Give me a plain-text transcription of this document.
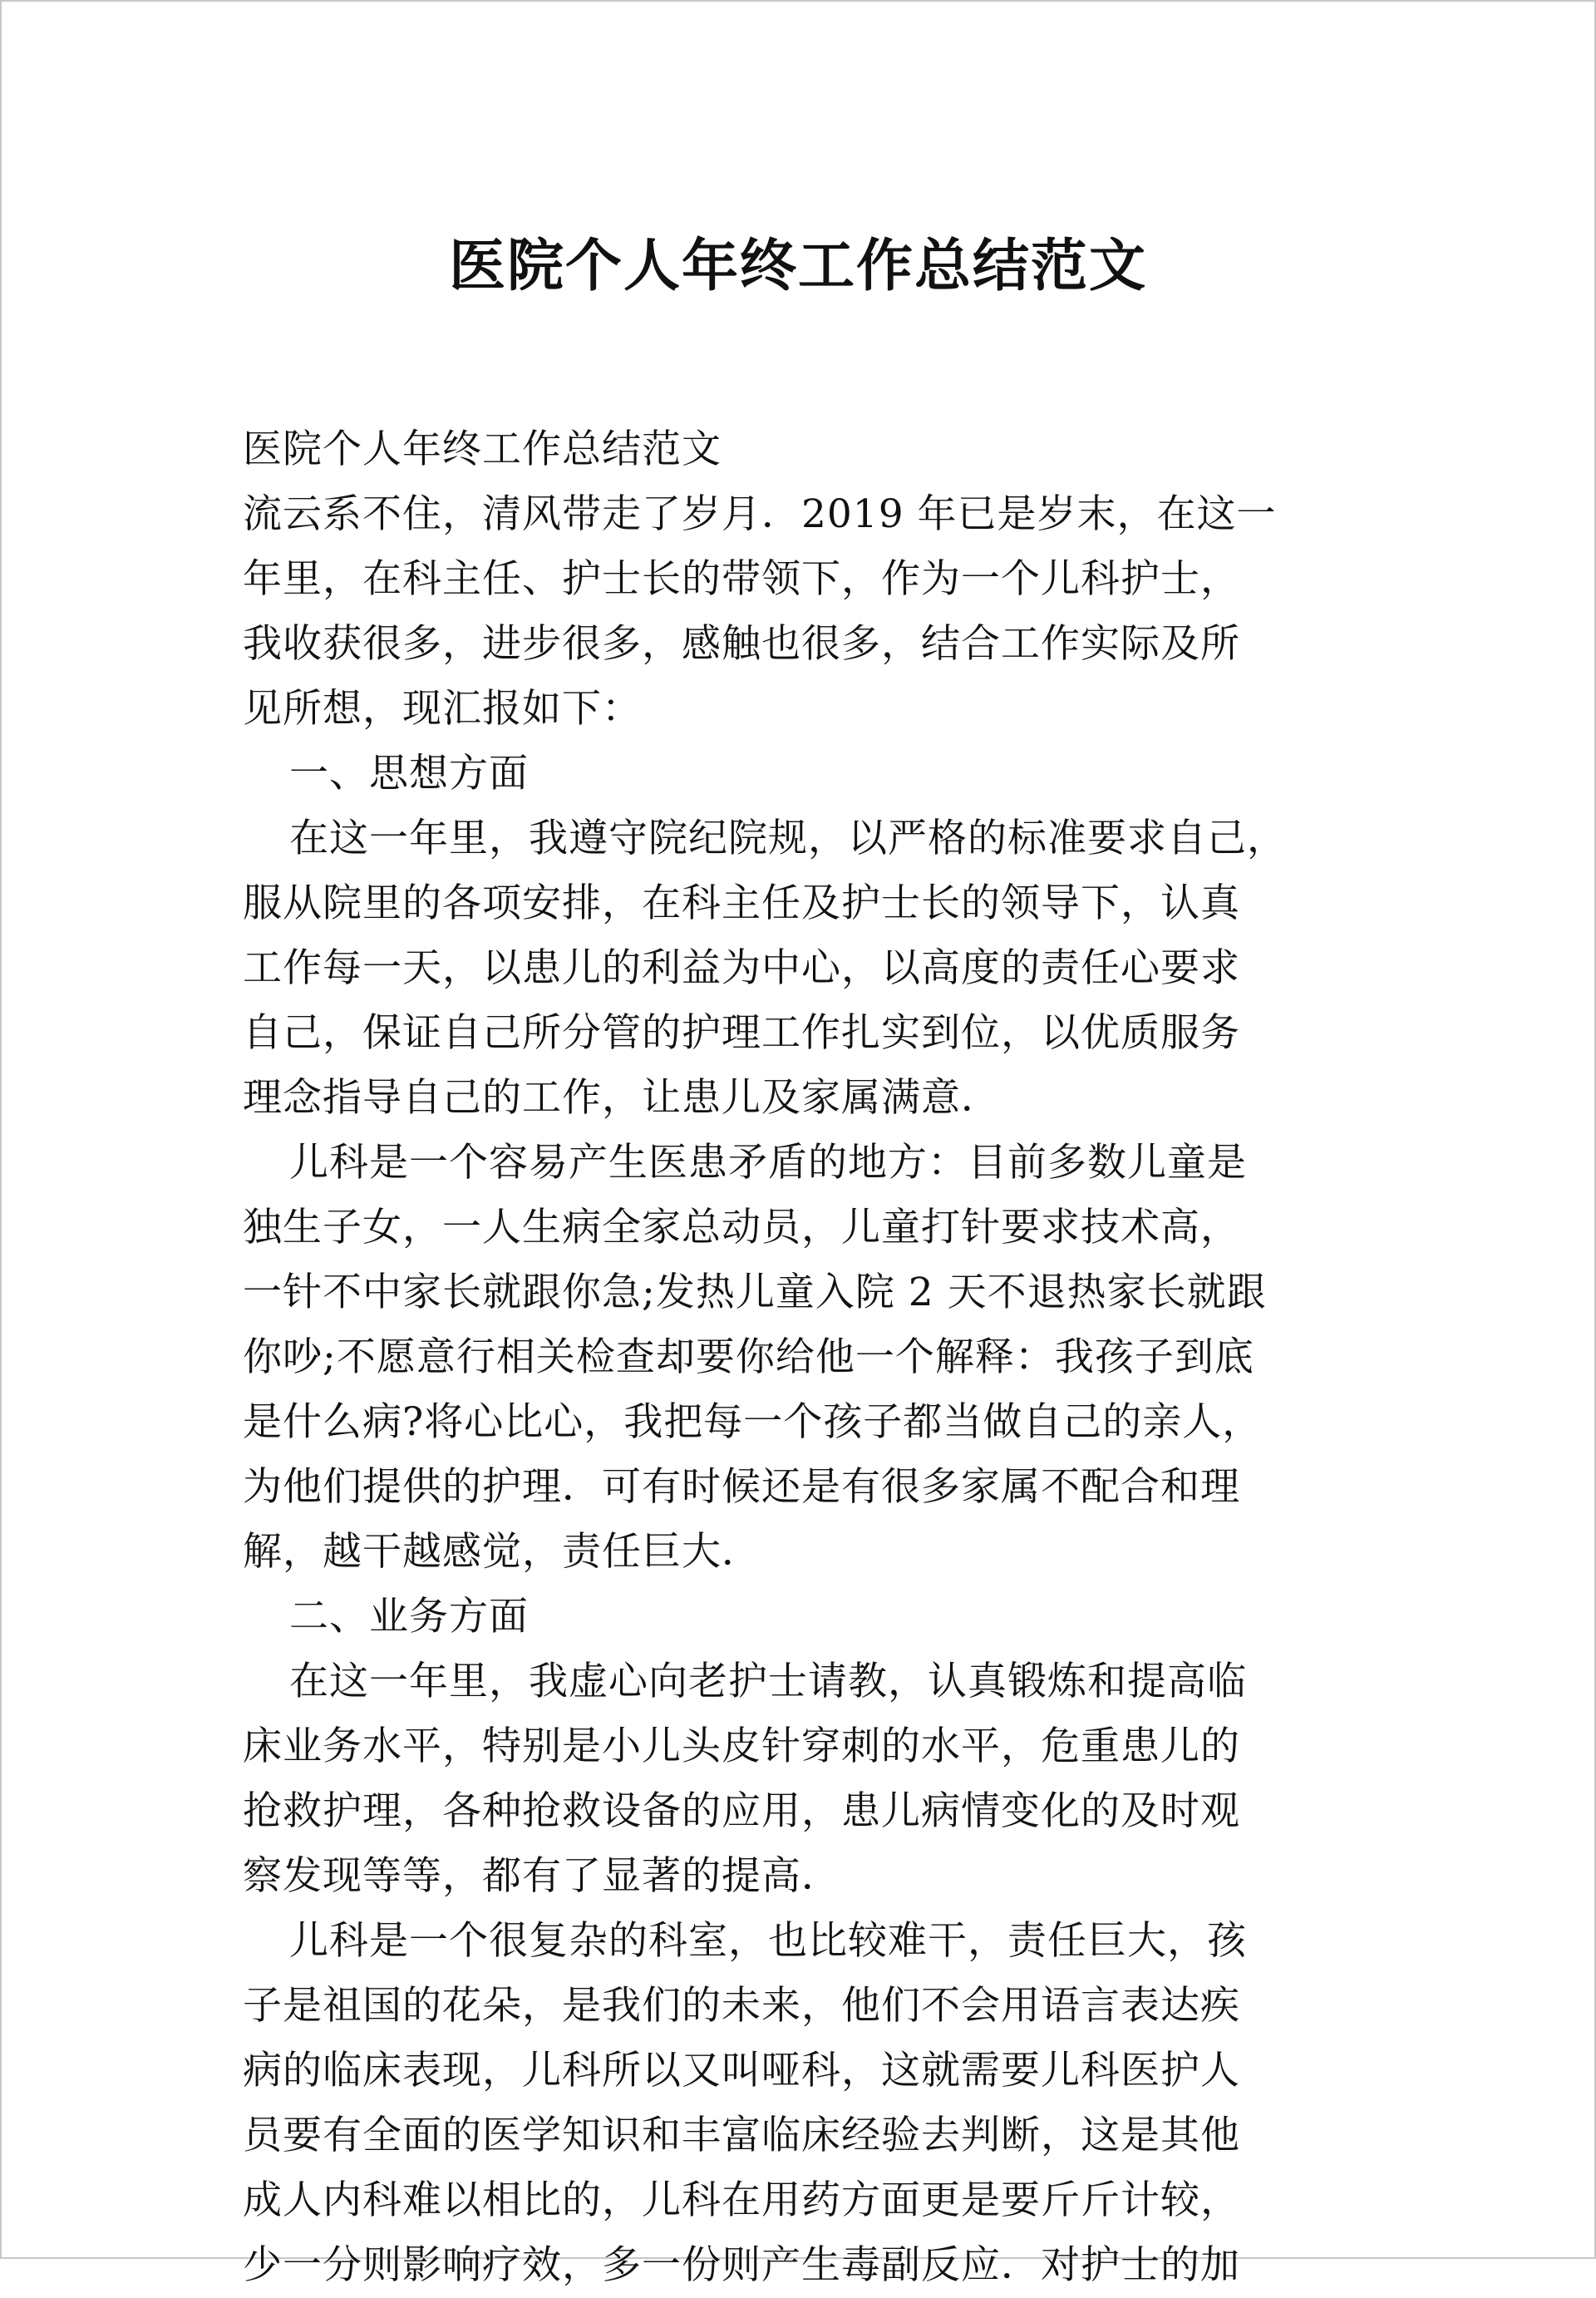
医院个人年终工作总结范文
医院个人年终工作总结范文
流云系不住，清风带走了岁月．2019 年已是岁末，在这一
年里，在科主任、护士长的带领下，作为一个儿科护士，
我收获很多，进步很多，感触也很多，结合工作实际及所
见所想，现汇报如下：
一、思想方面
在这一年里，我遵守院纪院规，以严格的标准要求自己，
服从院里的各项安排，在科主任及护士长的领导下，认真
工作每一天，以患儿的利益为中心，以高度的责任心要求
自己，保证自己所分管的护理工作扎实到位，以优质服务
理念指导自己的工作，让患儿及家属满意．
儿科是一个容易产生医患矛盾的地方：目前多数儿童是
独生子女，一人生病全家总动员，儿童打针要求技术高，
一针不中家长就跟你急;发热儿童入院 2 天不退热家长就跟
你吵;不愿意行相关检查却要你给他一个解释：我孩子到底
是什么病?将心比心，我把每一个孩子都当做自己的亲人，
为他们提供的护理．可有时候还是有很多家属不配合和理
解，越干越感觉，责任巨大．
二、业务方面
在这一年里，我虚心向老护士请教，认真锻炼和提高临
床业务水平，特别是小儿头皮针穿刺的水平，危重患儿的
抢救护理，各种抢救设备的应用，患儿病情变化的及时观
察发现等等，都有了显著的提高．
儿科是一个很复杂的科室，也比较难干，责任巨大，孩
子是祖国的花朵，是我们的未来，他们不会用语言表达疾
病的临床表现，儿科所以又叫哑科，这就需要儿科医护人
员要有全面的医学知识和丰富临床经验去判断，这是其他
成人内科难以相比的，儿科在用药方面更是要斤斤计较，
少一分则影响疗效，多一份则产生毒副反应．对护士的加
